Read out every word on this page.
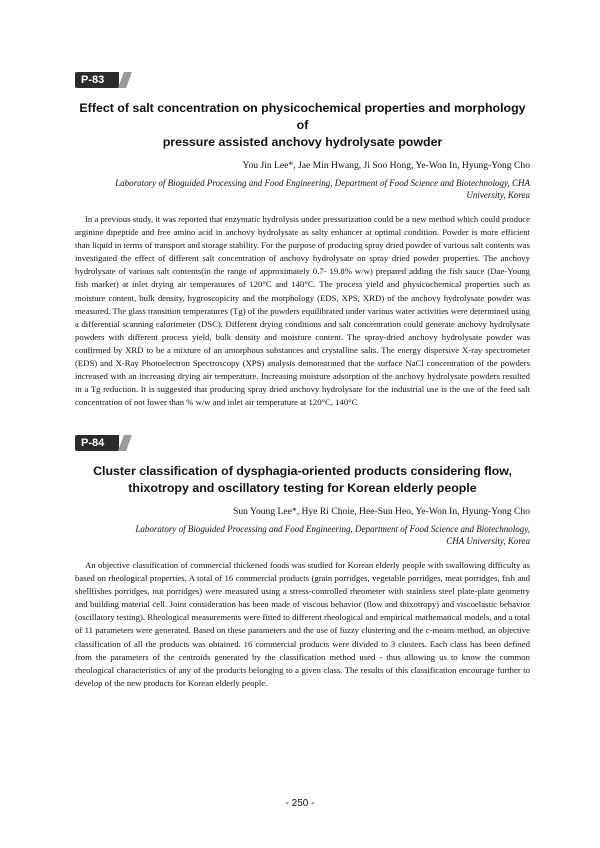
P-83
Effect of salt concentration on physicochemical properties and morphology of
pressure assisted anchovy hydrolysate powder
You Jin Lee*, Jae Min Hwang, Ji Soo Hong, Ye-Won In, Hyung-Yong Cho
Laboratory of Bioguided Processing and Food Engineering, Department of Food Science and Biotechnology, CHA
University, Korea

In a previous study, it was reported that enzymatic hydrolysis under pressurization could be a new method which could produce arginine dipeptide and free amino acid in anchovy hydrolysate as salty enhancer at optimal condition. Powder is more efficient than liquid in terms of transport and storage stability. For the purpose of producing spray dried powder of various salt contents was investigated the effect of different salt concentration of anchovy hydrolysate on spray dried powder properties. The anchovy hydrolysate of various salt contents(in the range of approximately 0.7- 19.8% w/w) prepared adding the fish sauce (Dae-Young fish market) at inlet drying air temperatures of 120°C and 140°C. The process yield and physicochemical properties such as moisture content, bulk density, hygroscopicity and the morphology (EDS, XPS, XRD) of the anchovy hydrolysate powder was measured. The glass transition temperatures (Tg) of the powders equilibrated under various water activities were determined using a differential scanning calorimeter (DSC). Different drying conditions and salt concentration could generate anchovy hydrolysate powders with different process yield, bulk density and moisture content. The spray-dried anchovy hydrolysate powder was confirmed by XRD to be a mixture of an amorphous substances and crystalline salts. The energy dispersive X-ray spectrometer (EDS) and X-Ray Photoelectron Spectroscopy (XPS) analysis demonstrated that the surface NaCl concentration of the powders increased with an increasing drying air temperature. Increasing moisture adsorption of the anchovy hydrolysate powders resulted in a Tg reduction. It is suggested that producing spray dried anchovy hydrolysate for the industrial use is the use of the feed salt concentration of not lower than % w/w and inlet air temperature at 120°C, 140°C

P-84
Cluster classification of dysphagia-oriented products considering flow,
thixotropy and oscillatory testing for Korean elderly people
Sun Young Lee*, Hye Ri Choie, Hee-Sun Heo, Ye-Won In, Hyung-Yong Cho
Laboratory of Bioguided Processing and Food Engineering, Department of Food Science and Biotechnology,
CHA University, Korea

An objective classification of commercial thickened foods was studied for Korean elderly people with swallowing difficulty as based on rheological properties. A total of 16 commercial products (grain porridges, vegetable porridges, meat porridges, fish and shellfishes porridges, nut porridges) were measured using a stress-controlled rheometer with stainless steel plate-plate geometry and building material cell. Joint consideration has been made of viscous behavior (flow and thixotropy) and viscoelastic behavior (oscillatory testing). Rheological measurements were fitted to different rheological and empirical mathematical models, and a total of 11 parameters were generated. Based on these parameters and the use of fuzzy clustering and the c-means method, an objective classification of all the products was obtained. 16 commercial products were divided to 3 clusters. Each class has been defined from the parameters of the centroids generated by the classification method used - thus allowing us to know the common rheological characteristics of any of the products belonging to a given class. The results of this classification encourage further to develop of the new products for Korean elderly people.

- 250 -
